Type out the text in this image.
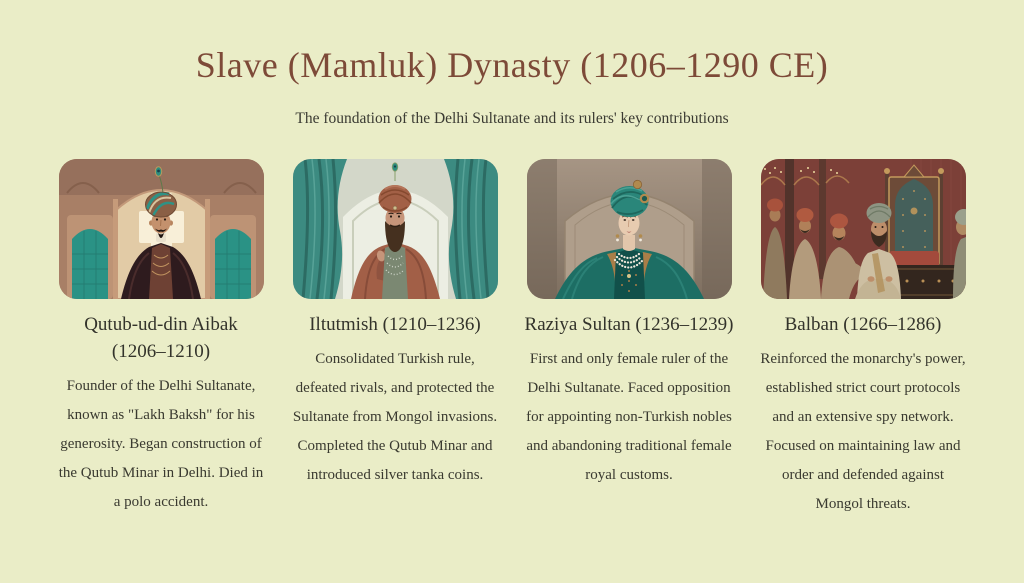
Slave (Mamluk) Dynasty (1206–1290 CE)
The foundation of the Delhi Sultanate and its rulers' key contributions
Qutub-ud-din Aibak (1206–1210)
Founder of the Delhi Sultanate, known as "Lakh Baksh" for his generosity. Began construction of the Qutub Minar in Delhi. Died in a polo accident.
Iltutmish (1210–1236)
Consolidated Turkish rule, defeated rivals, and protected the Sultanate from Mongol invasions. Completed the Qutub Minar and introduced silver tanka coins.
Raziya Sultan (1236–1239)
First and only female ruler of the Delhi Sultanate. Faced opposition for appointing non-Turkish nobles and abandoning traditional female royal customs.
Balban (1266–1286)
Reinforced the monarchy's power, established strict court protocols and an extensive spy network. Focused on maintaining law and order and defended against Mongol threats.
